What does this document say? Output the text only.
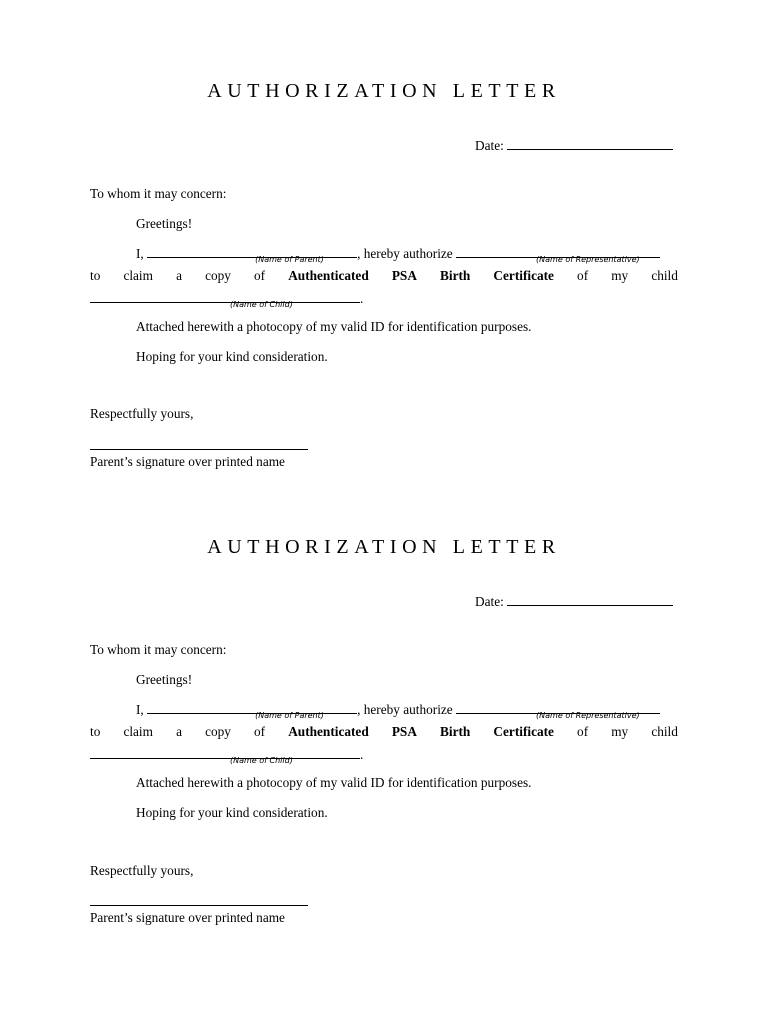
AUTHORIZATION LETTER
Date:
To whom it may concern:
Greetings!
I,	(Name of Parent) , hereby authorize	(Name of Representative)
to claim a copy of Authenticated PSA Birth Certificate of my child
(Name of Child)	.
Attached herewith a photocopy of my valid ID for identification purposes.
Hoping for your kind consideration.
Respectfully yours,
Parent’s signature over printed name
AUTHORIZATION LETTER
Date:
To whom it may concern:
Greetings!
I,	(Name of Parent) , hereby authorize	(Name of Representative)
to claim a copy of Authenticated PSA Birth Certificate of my child
(Name of Child)	.
Attached herewith a photocopy of my valid ID for identification purposes.
Hoping for your kind consideration.
Respectfully yours,
Parent’s signature over printed name
